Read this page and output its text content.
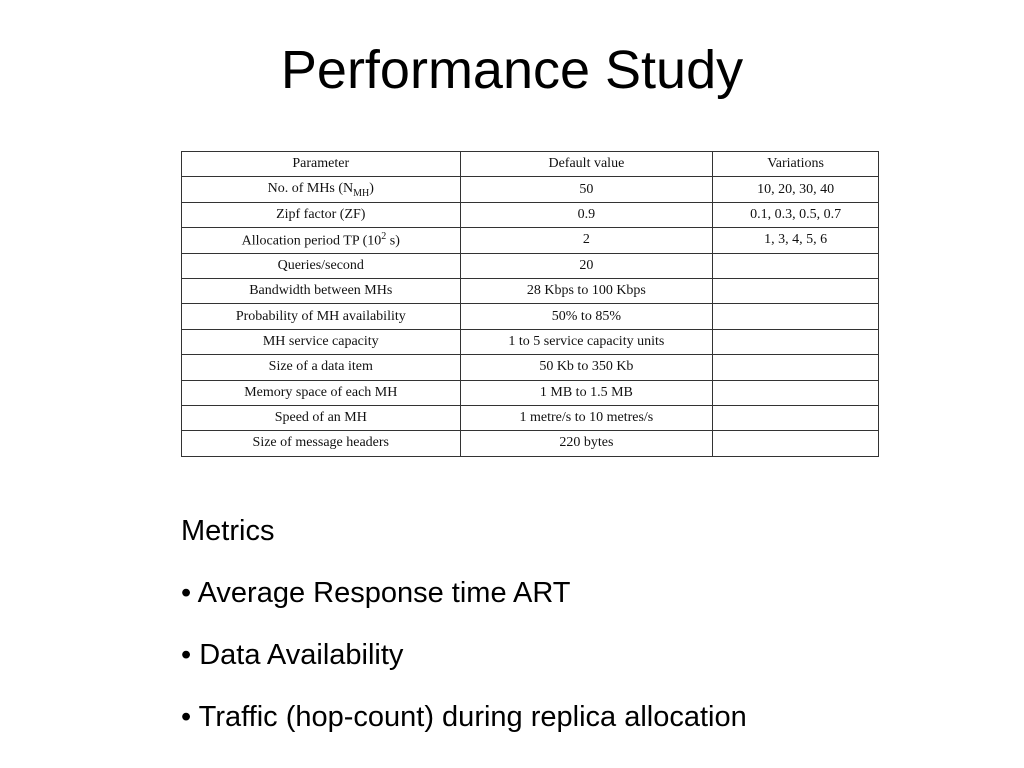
Performance Study
Parameter	Default value	Variations
No. of MHs $(N_{MH})$	50	10, 20, 30, 40
Zipf factor (ZF)	0.9	0.1, 0.3, 0.5, 0.7
Allocation period TP ($10^2$ s)	2	1, 3, 4, 5, 6
Queries/second	20	
Bandwidth between MHs	28 Kbps to 100 Kbps	
Probability of MH availability	50% to 85%	
MH service capacity	1 to 5 service capacity units	
Size of a data item	50 Kb to 350 Kb	
Memory space of each MH	1 MB to 1.5 MB	
Speed of an MH	1 metre/s to 10 metres/s	
Size of message headers	220 bytes	
Metrics
• Average Response time ART
• Data Availability
• Traffic (hop-count) during replica allocation
